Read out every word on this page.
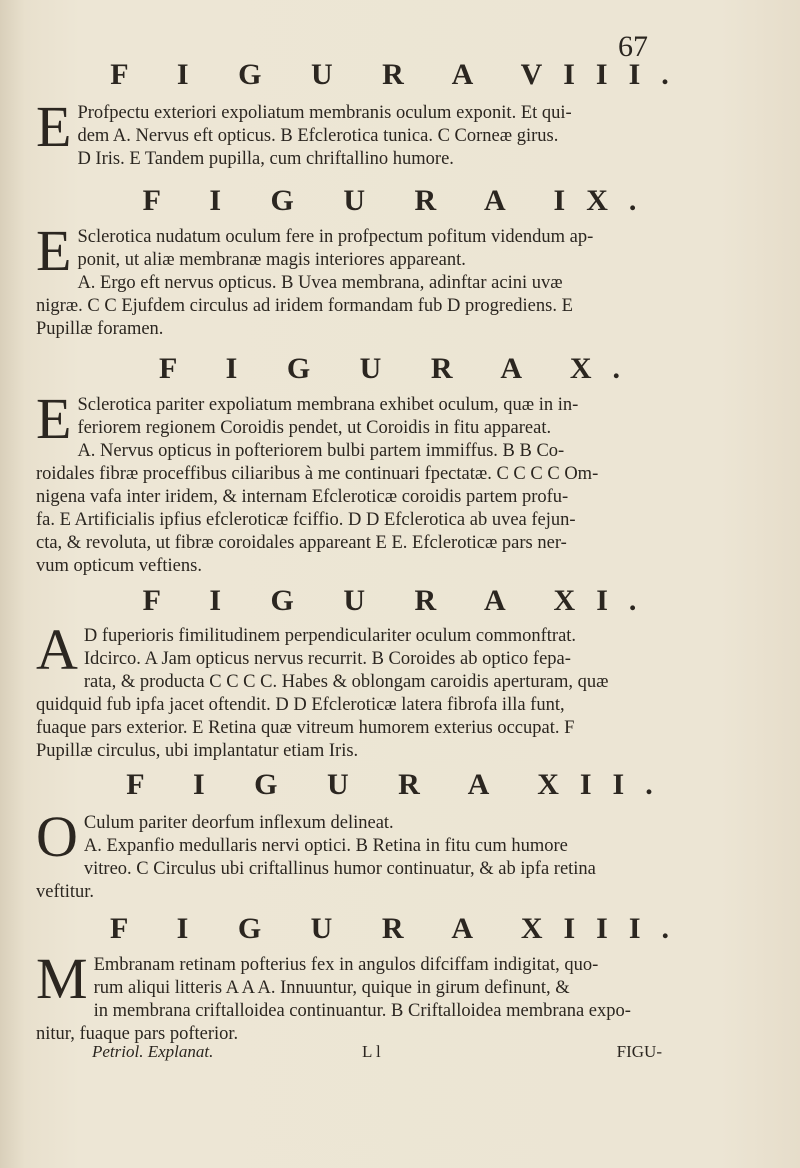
67
F I G U R A VIII.
E Profpectu exteriori expoliatum membranis oculum exponit. Et qui-
dem A. Nervus eft opticus. B Efclerotica tunica. C Corneæ girus.
D Iris. E Tandem pupilla, cum chriftallino humore.
F I G U R A IX.
E Sclerotica nudatum oculum fere in profpectum pofitum videndum ap-
ponit, ut aliæ membranæ magis interiores appareant.
A. Ergo eft nervus opticus. B Uvea membrana, adinftar acini uvæ
nigræ. C C Ejufdem circulus ad iridem formandam fub D progrediens. E
Pupillæ foramen.
F I G U R A X.
E Sclerotica pariter expoliatum membrana exhibet oculum, quæ in in-
feriorem regionem Coroidis pendet, ut Coroidis in fitu appareat.
A. Nervus opticus in pofteriorem bulbi partem immiffus. B B Co-
roidales fibræ proceffibus ciliaribus à me continuari fpectatæ. C C C C Om-
nigena vafa inter iridem, & internam Efcleroticæ coroidis partem profu-
fa. E Artificialis ipfius efcleroticæ fciffio. D D Efclerotica ab uvea fejun-
cta, & revoluta, ut fibræ coroidales appareant E E. Efcleroticæ pars ner-
vum opticum veftiens.
F I G U R A XI.
A D fuperioris fimilitudinem perpendiculariter oculum commonftrat.
Idcirco. A Jam opticus nervus recurrit. B Coroides ab optico fepa-
rata, & producta C C C C. Habes & oblongam caroidis aperturam, quæ
quidquid fub ipfa jacet oftendit. D D Efcleroticæ latera fibrofa illa funt,
fuaque pars exterior. E Retina quæ vitreum humorem exterius occupat. F
Pupillæ circulus, ubi implantatur etiam Iris.
F I G U R A XII.
O Culum pariter deorfum inflexum delineat.
A. Expanfio medullaris nervi optici. B Retina in fitu cum humore
vitreo. C Circulus ubi criftallinus humor continuatur, & ab ipfa retina
veftitur.
F I G U R A XIII.
M Embranam retinam pofterius fex in angulos difciffam indigitat, quo-
rum aliqui litteris A A A. Innuuntur, quique in girum definunt, &
in membrana criftalloidea continuantur. B Criftalloidea membrana expo-
nitur, fuaque pars pofterior.
Petriol. Explanat.	L l	FIGU-
